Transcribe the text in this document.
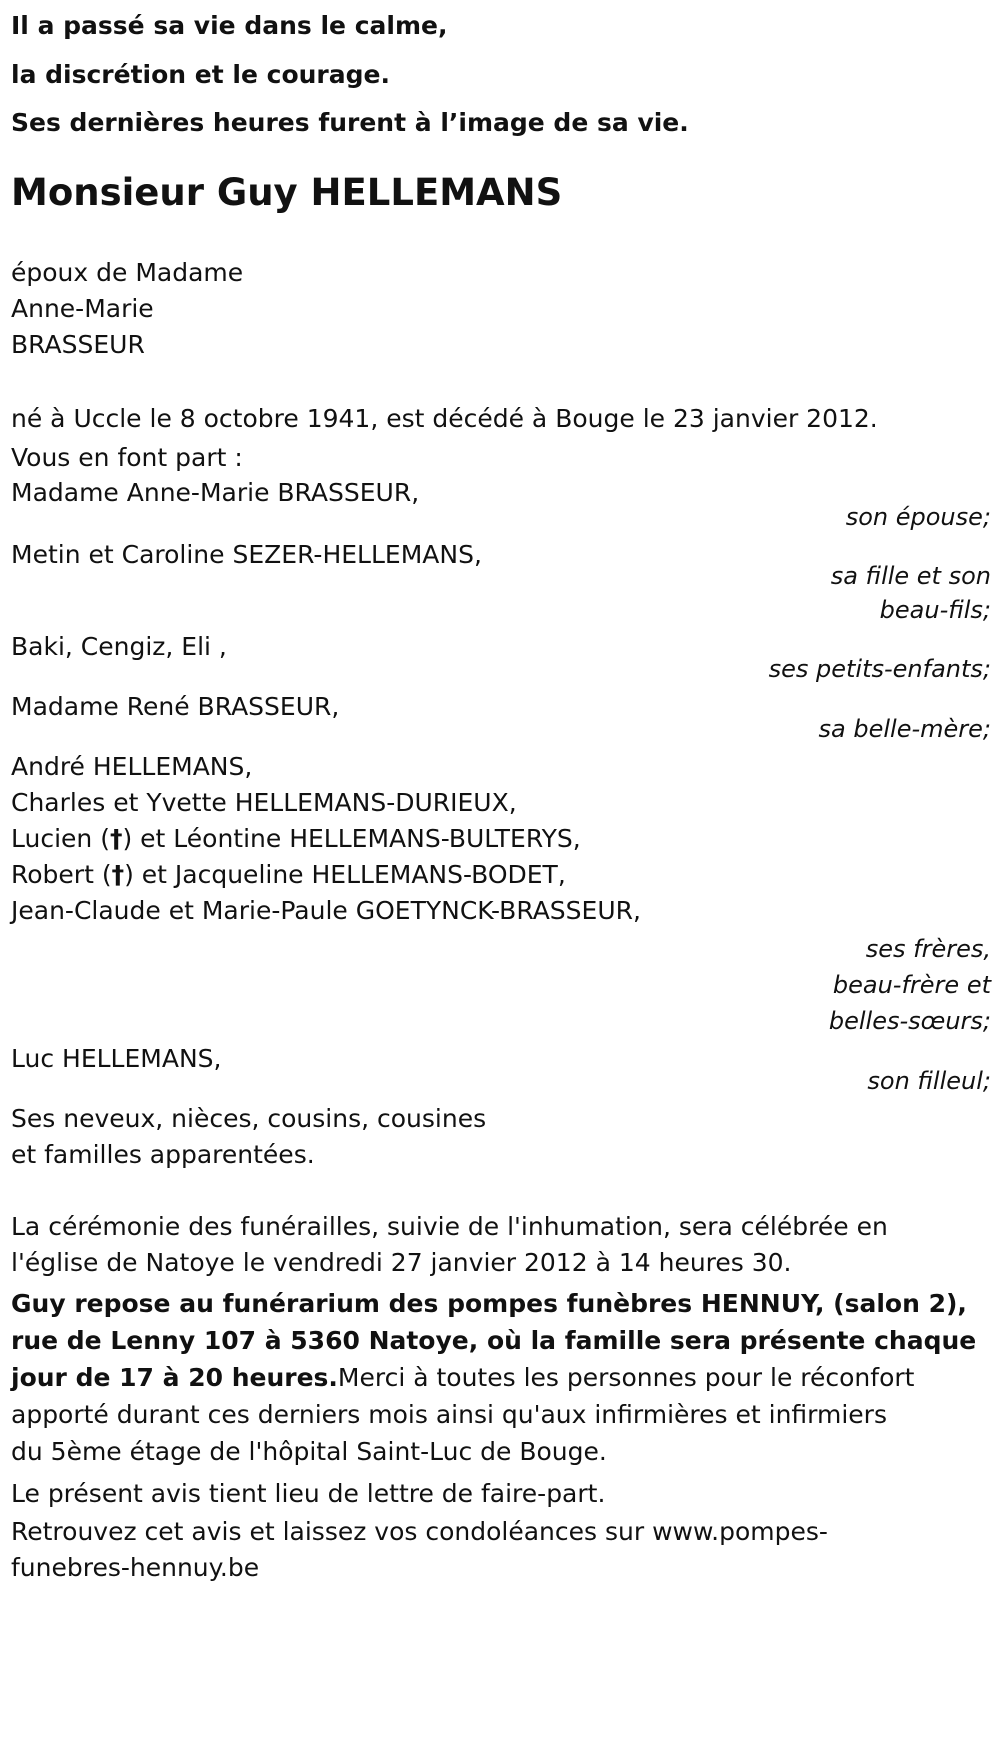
Il a passé sa vie dans le calme,
la discrétion et le courage.
Ses dernières heures furent à l’image de sa vie.
Monsieur Guy HELLEMANS
époux de Madame
Anne-Marie
BRASSEUR
né à Uccle le 8 octobre 1941, est décédé à Bouge le 23 janvier 2012.
Vous en font part :
Madame Anne-Marie BRASSEUR,
son épouse;
Metin et Caroline SEZER-HELLEMANS,
sa fille et son
beau-fils;
Baki, Cengiz, Eli ,
ses petits-enfants;
Madame René BRASSEUR,
sa belle-mère;
André HELLEMANS,
Charles et Yvette HELLEMANS-DURIEUX,
Lucien (†) et Léontine HELLEMANS-BULTERYS,
Robert (†) et Jacqueline HELLEMANS-BODET,
Jean-Claude et Marie-Paule GOETYNCK-BRASSEUR,
ses frères,
beau-frère et
belles-sœurs;
Luc HELLEMANS,
son filleul;
Ses neveux, nièces, cousins, cousines
et familles apparentées.
La cérémonie des funérailles, suivie de l'inhumation, sera célébrée en
l'église de Natoye le vendredi 27 janvier 2012 à 14 heures 30.
Guy repose au funérarium des pompes funèbres HENNUY, (salon 2),
rue de Lenny 107 à 5360 Natoye, où la famille sera présente chaque
jour de 17 à 20 heures.Merci à toutes les personnes pour le réconfort
apporté durant ces derniers mois ainsi qu'aux infirmières et infirmiers
du 5ème étage de l'hôpital Saint-Luc de Bouge.
Le présent avis tient lieu de lettre de faire-part.
Retrouvez cet avis et laissez vos condoléances sur www.pompes-
funebres-hennuy.be
